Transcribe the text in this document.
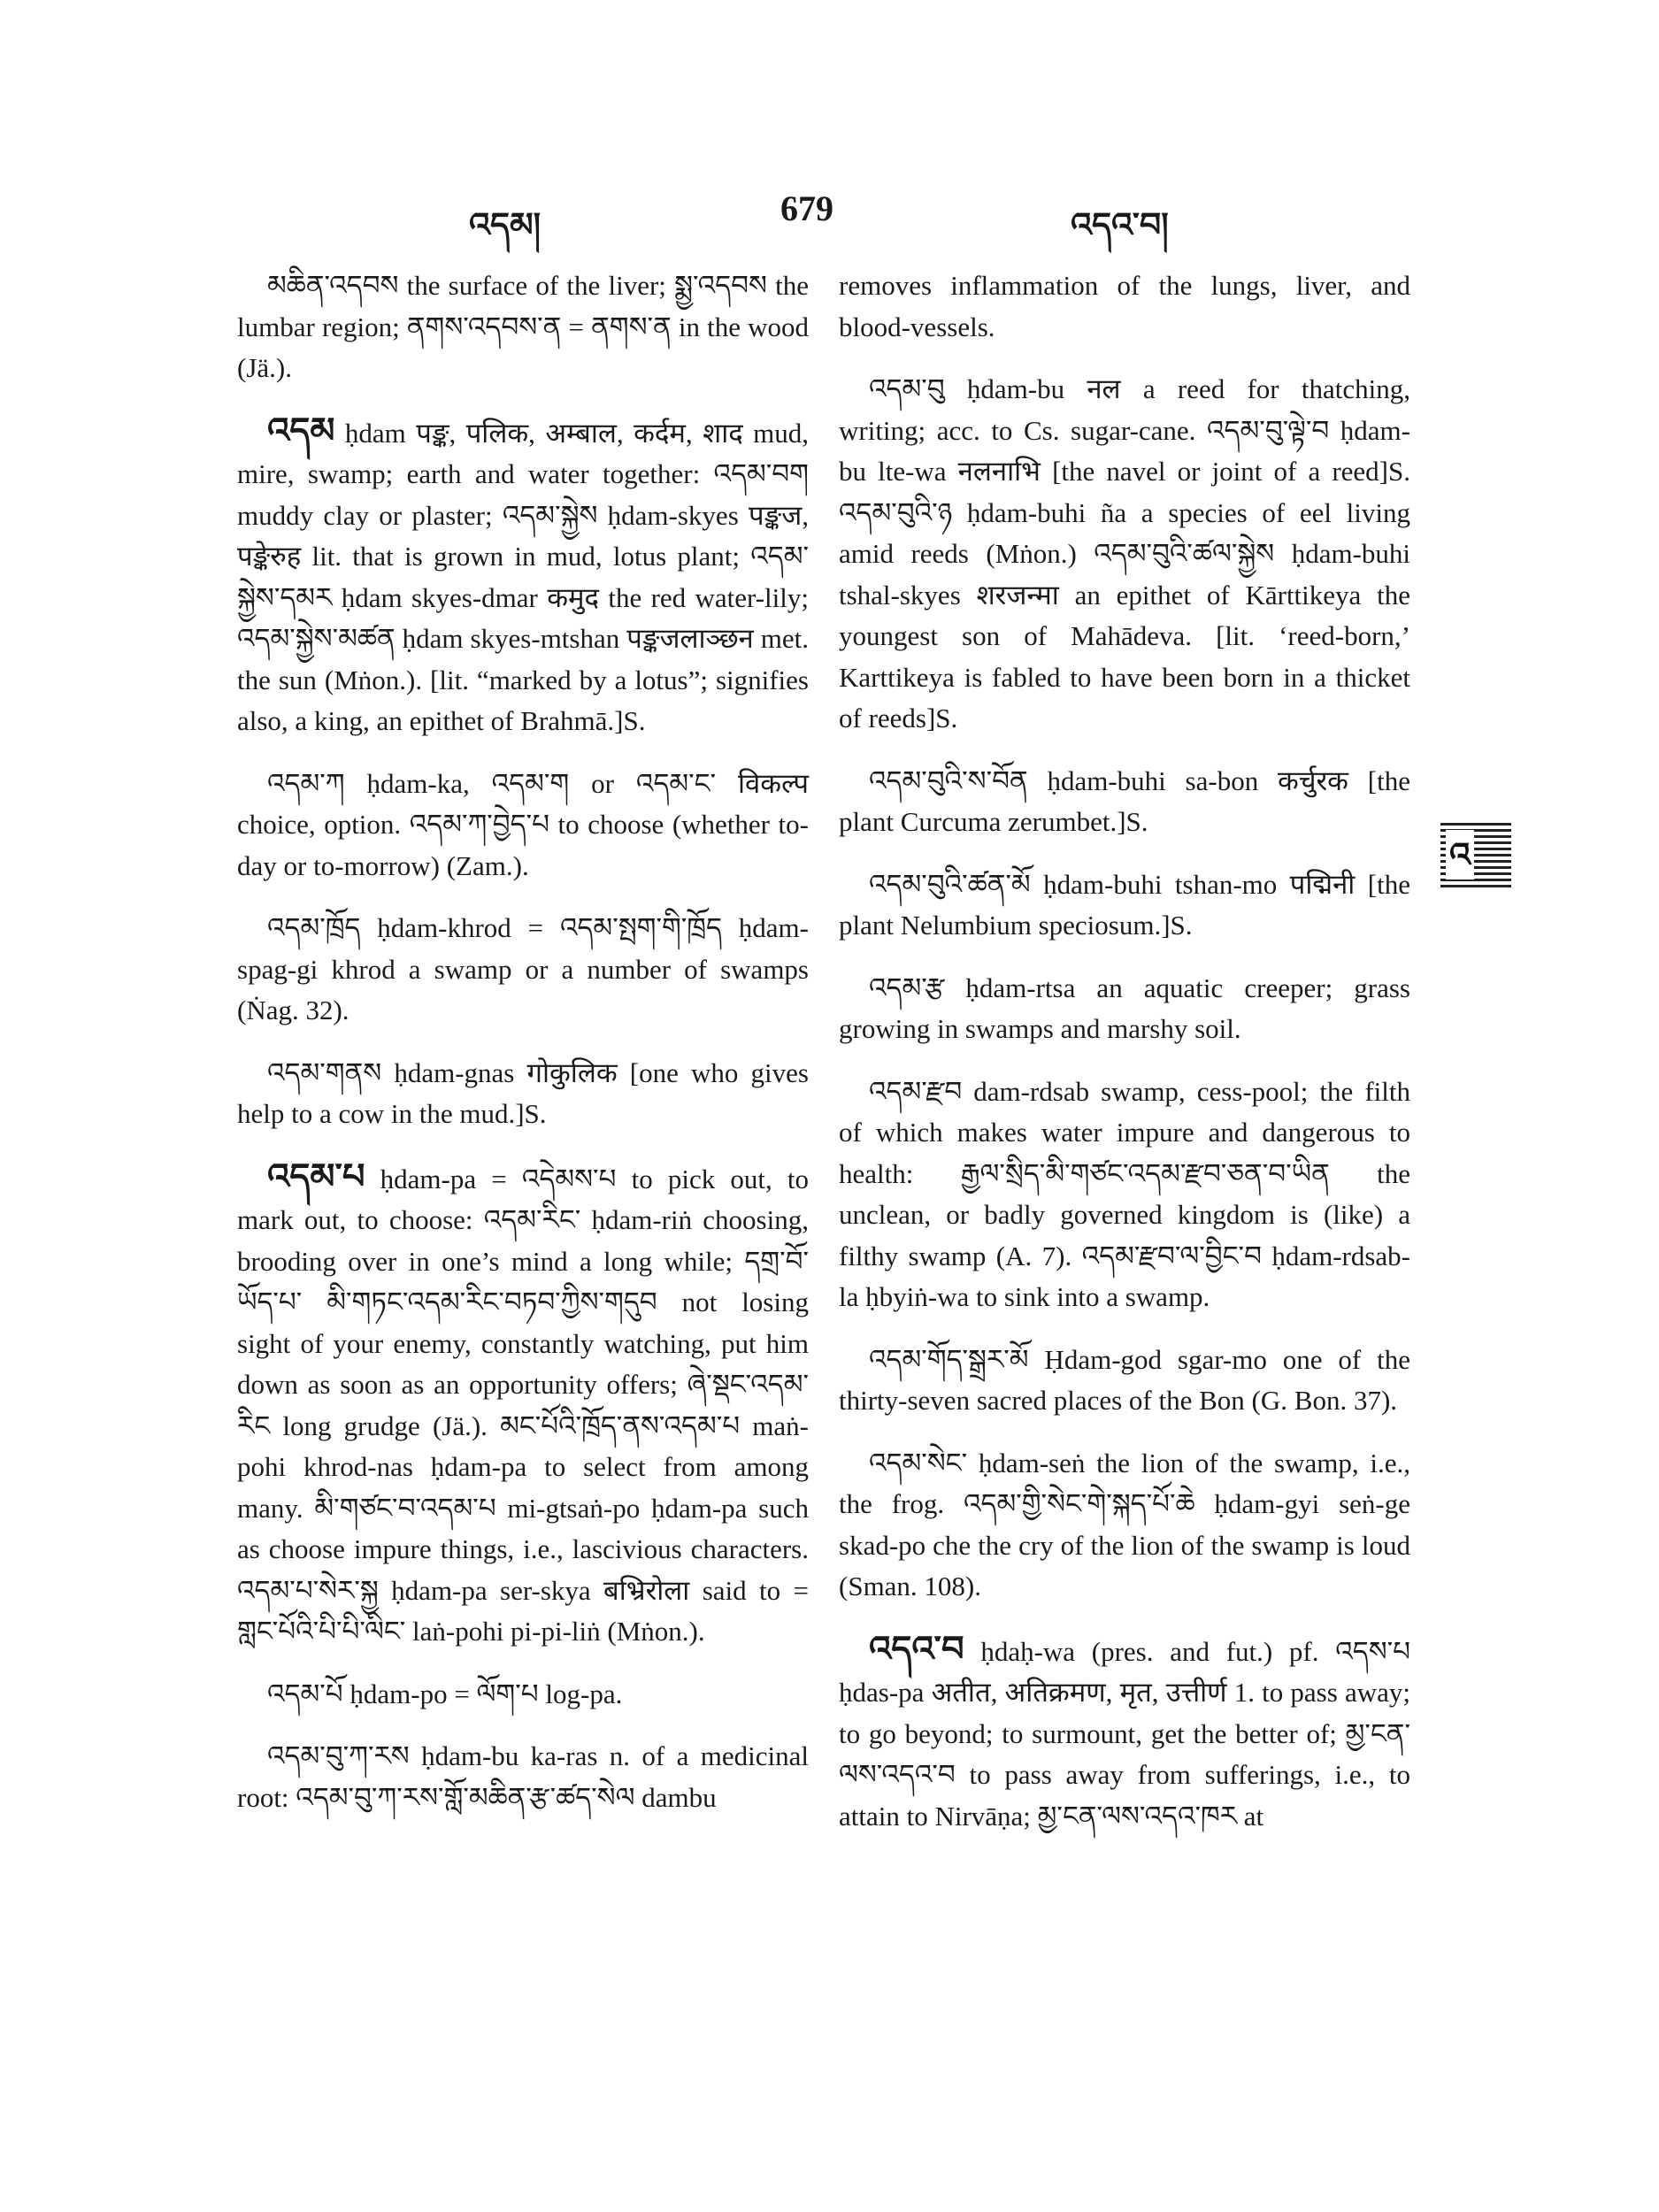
འདམ།	679	འདའ་བ།

མཆིན་འདབས the surface of the liver; སྨྱ་འདབས the lumbar region; ནགས་འདབས་ན = ནགས་ན in the wood (Jä.).

འདམ ḥdam पङ्क, पलिक, अम्बाल, कर्दम, शाद mud, mire, swamp; earth and water together: འདམ་བག muddy clay or plaster; འདམ་སྐྱེས ḥdam-skyes पङ्कज, पङ्केरुह lit. that is grown in mud, lotus plant; འདམ་སྐྱེས་དམར ḥdam skyes-dmar कमुद the red water-lily; འདམ་སྐྱེས་མཚན ḥdam skyes-mtshan पङ्कजलाञ्छन met. the sun (Mṅon.). [lit. “marked by a lotus”; signifies also, a king, an epithet of Brahmā.]S.

འདམ་ཀ ḥdam-ka, འདམ་ག or འདམ་ང་ विकल्प choice, option. འདམ་ཀ་བྱེད་པ to choose (whether to-day or to-morrow) (Zam.).

འདམ་ཁྲོད ḥdam-khrod = འདམ་སྤག་གི་ཁྲོད ḥdam-spag-gi khrod a swamp or a number of swamps (Ṅag. 32).

འདམ་གནས ḥdam-gnas गोकुलिक [one who gives help to a cow in the mud.]S.

འདམ་པ ḥdam-pa = འདེམས་པ to pick out, to mark out, to choose: འདམ་རིང་ ḥdam-riṅ choosing, brooding over in one’s mind a long while; དགྲ་བོ་ཡོད་པ་ མི་གཏང་འདམ་རིང་བཏབ་ཀྱིས་གདུབ not losing sight of your enemy, constantly watching, put him down as soon as an opportunity offers; ཞེ་སྡང་འདམ་རིང long grudge (Jä.). མང་པོའི་ཁྲོད་ནས་འདམ་པ maṅ-pohi khrod-nas ḥdam-pa to select from among many. མི་གཙང་བ་འདམ་པ mi-gtsaṅ-po ḥdam-pa such as choose impure things, i.e., lascivious characters. འདམ་པ་སེར་སྐྱ ḥdam-pa ser-skya बभ्रिरोला said to = གླང་པོའི་པི་པི་ལིང་ laṅ-pohi pi-pi-liṅ (Mṅon.).

འདམ་པོ ḥdam-po = ལོག་པ log-pa.

འདམ་བུ་ཀ་རས ḥdam-bu ka-ras n. of a medicinal root: འདམ་བུ་ཀ་རས་གློ་མཆིན་རྩ་ཚད་སེལ dambu

removes inflammation of the lungs, liver, and blood-vessels.

འདམ་བུ ḥdam-bu नल a reed for thatching, writing; acc. to Cs. sugar-cane. འདམ་བུ་ལྟེ་བ ḥdam-bu lte-wa नलनाभि [the navel or joint of a reed]S. འདམ་བུའི་ཉ ḥdam-buhi ña a species of eel living amid reeds (Mṅon.) འདམ་བུའི་ཚལ་སྐྱེས ḥdam-buhi tshal-skyes शरजन्मा an epithet of Kārttikeya the youngest son of Mahādeva. [lit. ‘reed-born,’ Karttikeya is fabled to have been born in a thicket of reeds]S.

འདམ་བུའི་ས་བོན ḥdam-buhi sa-bon कर्चुरक [the plant Curcuma zerumbet.]S.

འདམ་བུའི་ཚན་མོ ḥdam-buhi tshan-mo पद्मिनी [the plant Nelumbium speciosum.]S.

འདམ་རྩ ḥdam-rtsa an aquatic creeper; grass growing in swamps and marshy soil.

འདམ་རྫབ dam-rdsab swamp, cess-pool; the filth of which makes water impure and dangerous to health: རྒྱལ་སྲིད་མི་གཙང་འདམ་རྫབ་ཅན་བ་ཡིན the unclean, or badly governed kingdom is (like) a filthy swamp (A. 7). འདམ་རྫབ་ལ་བྱིང་བ ḥdam-rdsab-la ḥbyiṅ-wa to sink into a swamp.

འདམ་གོད་སྒྲར་མོ Ḥdam-god sgar-mo one of the thirty-seven sacred places of the Bon (G. Bon. 37).

འདམ་སེང་ ḥdam-seṅ the lion of the swamp, i.e., the frog. འདམ་གྱི་སེང་གེ་སྐད་པོ་ཆེ ḥdam-gyi seṅ-ge skad-po che the cry of the lion of the swamp is loud (Sman. 108).

འདའ་བ ḥdaḥ-wa (pres. and fut.) pf. འདས་པ ḥdas-pa अतीत, अतिक्रमण, मृत, उत्तीर्ण 1. to pass away; to go beyond; to surmount, get the better of; མྱ་ངན་ལས་འདའ་བ to pass away from sufferings, i.e., to attain to Nirvāṇa; མྱ་ངན་ལས་འདའ་ཁར at

འ
